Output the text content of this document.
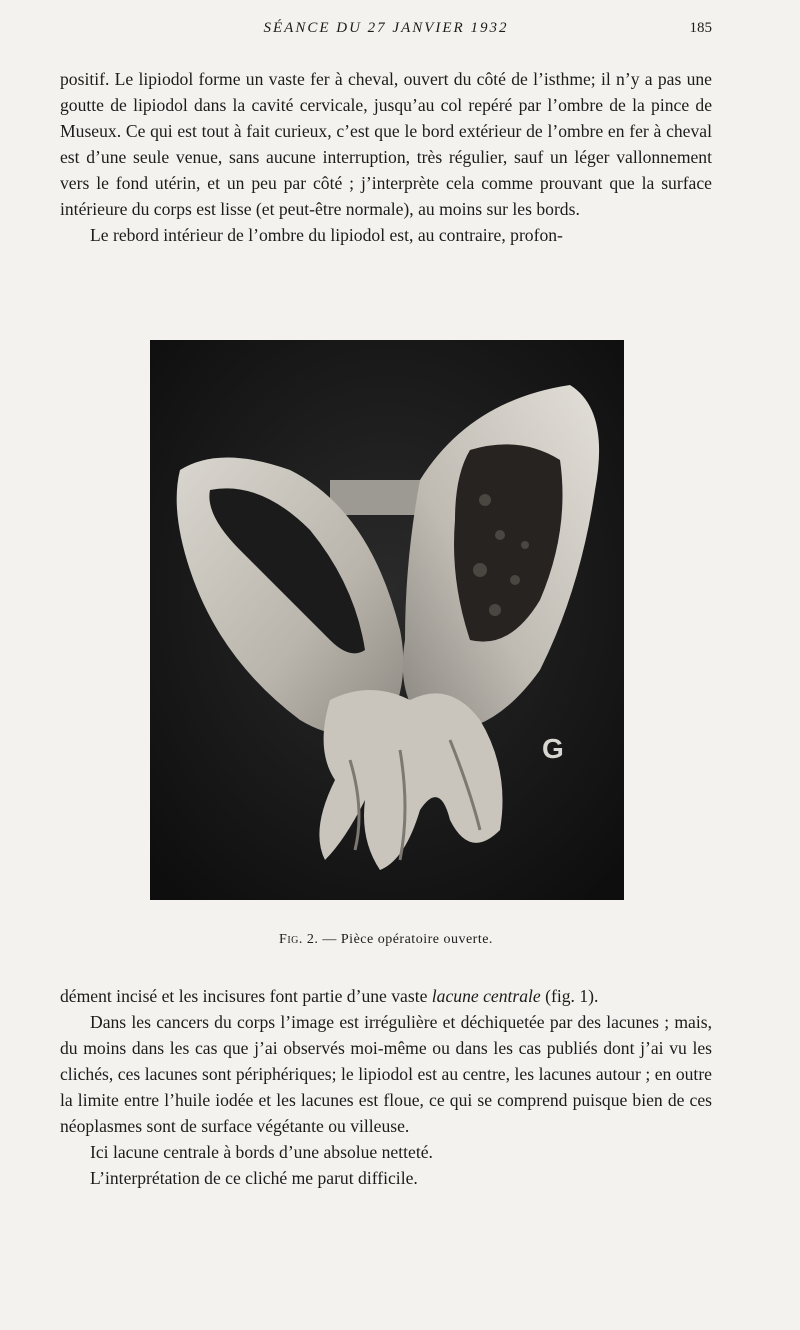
SÉANCE DU 27 JANVIER 1932	185

positif. Le lipiodol forme un vaste fer à cheval, ouvert du côté de l’isthme; il n’y a pas une goutte de lipiodol dans la cavité cervicale, jusqu’au col repéré par l’ombre de la pince de Museux. Ce qui est tout à fait curieux, c’est que le bord extérieur de l’ombre en fer à cheval est d’une seule venue, sans aucune interruption, très régulier, sauf un léger vallonnement vers le fond utérin, et un peu par côté ; j’interprète cela comme prouvant que la surface intérieure du corps est lisse (et peut-être normale), au moins sur les bords.

Le rebord intérieur de l’ombre du lipiodol est, au contraire, profon-

G
Fig. 2. — Pièce opératoire ouverte.

dément incisé et les incisures font partie d’une vaste lacune centrale (fig. 1).

Dans les cancers du corps l’image est irrégulière et déchiquetée par des lacunes ; mais, du moins dans les cas que j’ai observés moi-même ou dans les cas publiés dont j’ai vu les clichés, ces lacunes sont périphériques; le lipiodol est au centre, les lacunes autour ; en outre la limite entre l’huile iodée et les lacunes est floue, ce qui se comprend puisque bien de ces néoplasmes sont de surface végétante ou villeuse.

Ici lacune centrale à bords d’une absolue netteté.

L’interprétation de ce cliché me parut difficile.
